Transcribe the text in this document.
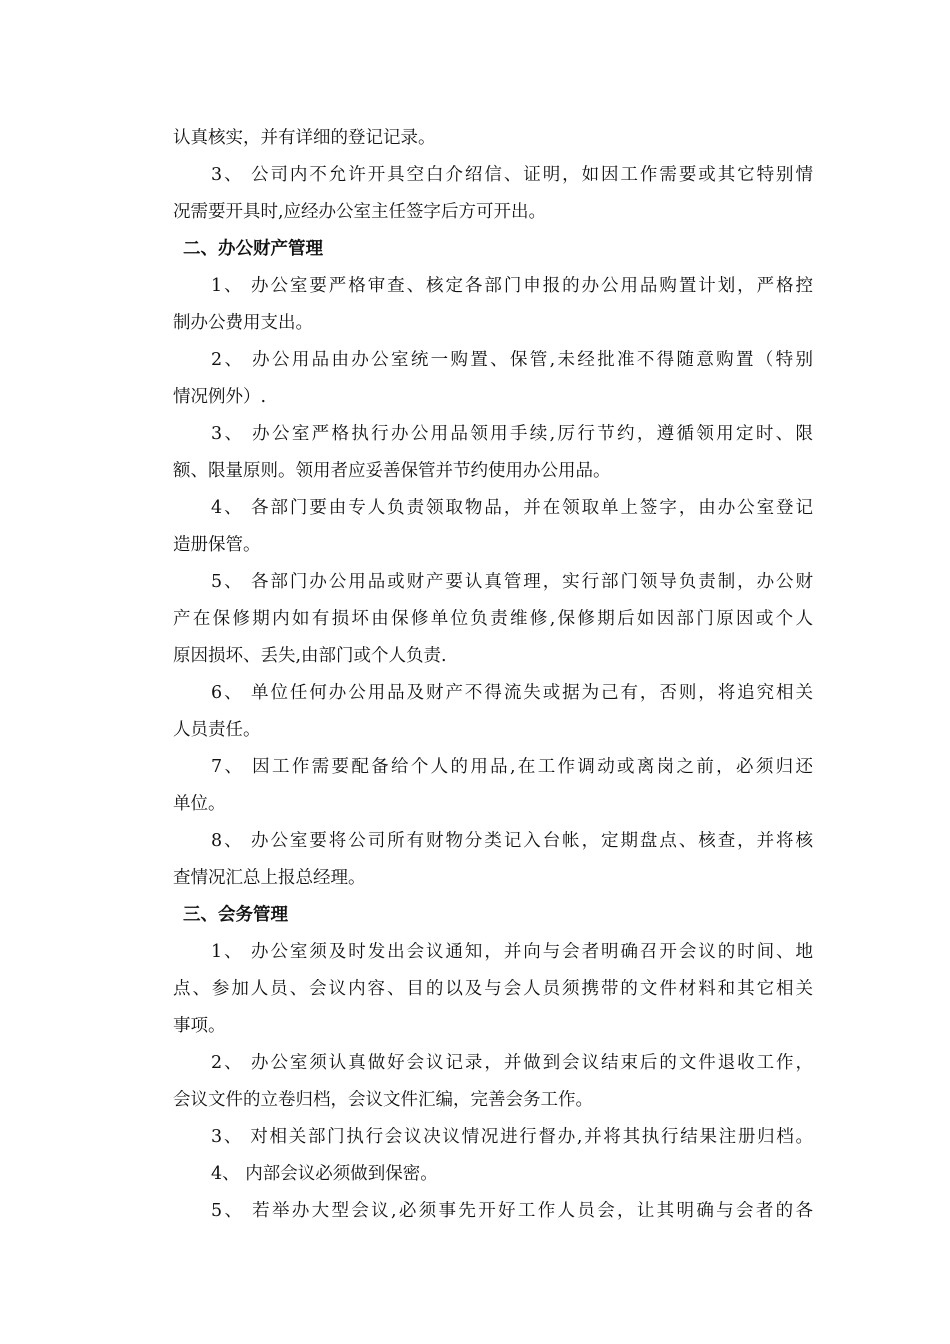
认真核实，并有详细的登记记录。
3、 公司内不允许开具空白介绍信、证明，如因工作需要或其它特别情
况需要开具时,应经办公室主任签字后方可开出。
二、办公财产管理
1、 办公室要严格审查、核定各部门申报的办公用品购置计划，严格控
制办公费用支出。
2、 办公用品由办公室统一购置、保管,未经批准不得随意购置（特别
情况例外）.
3、 办公室严格执行办公用品领用手续,厉行节约，遵循领用定时、限
额、限量原则。领用者应妥善保管并节约使用办公用品。
4、 各部门要由专人负责领取物品，并在领取单上签字，由办公室登记
造册保管。
5、 各部门办公用品或财产要认真管理，实行部门领导负责制，办公财
产在保修期内如有损坏由保修单位负责维修,保修期后如因部门原因或个人
原因损坏、丢失,由部门或个人负责.
6、 单位任何办公用品及财产不得流失或据为己有，否则，将追究相关
人员责任。
7、 因工作需要配备给个人的用品,在工作调动或离岗之前，必须归还
单位。
8、 办公室要将公司所有财物分类记入台帐，定期盘点、核查，并将核
查情况汇总上报总经理。
三、会务管理
1、 办公室须及时发出会议通知，并向与会者明确召开会议的时间、地
点、参加人员、会议内容、目的以及与会人员须携带的文件材料和其它相关
事项。
2、 办公室须认真做好会议记录，并做到会议结束后的文件退收工作，
会议文件的立卷归档，会议文件汇编，完善会务工作。
3、 对相关部门执行会议决议情况进行督办,并将其执行结果注册归档。
4、 内部会议必须做到保密。
5、 若举办大型会议,必须事先开好工作人员会，让其明确与会者的各
